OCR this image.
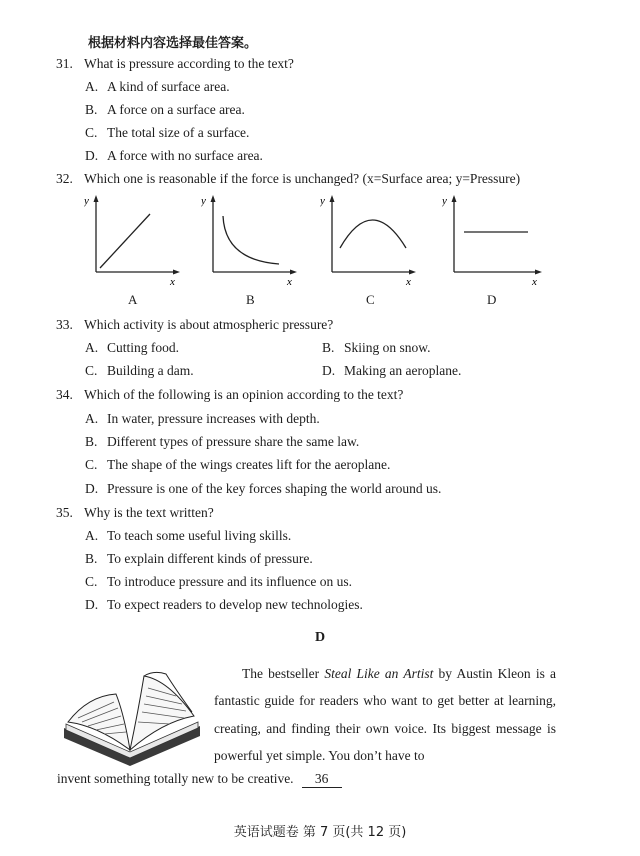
根据材料内容选择最佳答案。
31. What is pressure according to the text?
A. A kind of surface area.
B. A force on a surface area.
C. The total size of a surface.
D. A force with no surface area.
32. Which one is reasonable if the force is unchanged? (x=Surface area; y=Pressure)
y
x
A
y
x
B
y
x
C
y
x
D
33. Which activity is about atmospheric pressure?
A. Cutting food.	B. Skiing on snow.
C. Building a dam.	D. Making an aeroplane.
34. Which of the following is an opinion according to the text?
A. In water, pressure increases with depth.
B. Different types of pressure share the same law.
C. The shape of the wings creates lift for the aeroplane.
D. Pressure is one of the key forces shaping the world around us.
35. Why is the text written?
A. To teach some useful living skills.
B. To explain different kinds of pressure.
C. To introduce pressure and its influence on us.
D. To expect readers to develop new technologies.
D

The bestseller Steal Like an Artist by Austin Kleon is a fantastic guide for readers who want to get better at learning, creating, and finding their own voice. Its biggest message is powerful yet simple. You don’t have to

invent something totally new to be creative. 36
英语试题卷 第 7 页(共 12 页)
